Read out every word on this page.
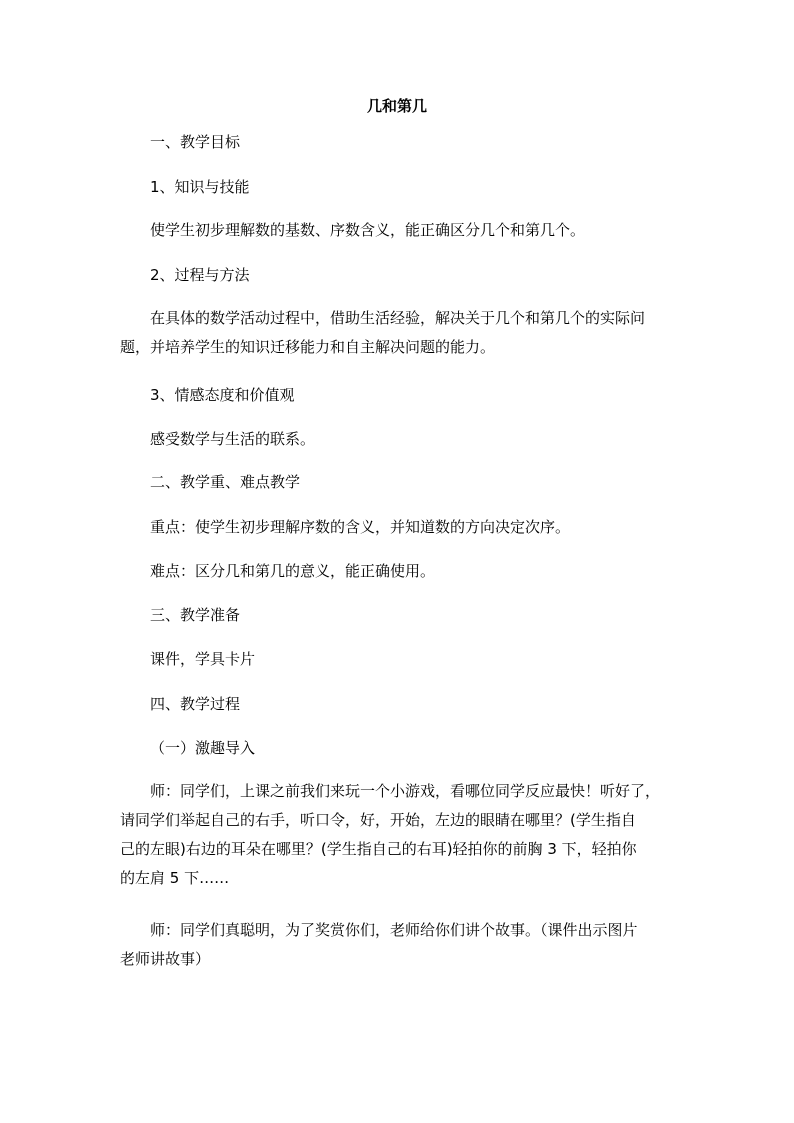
几和第几
一、教学目标
1、知识与技能
使学生初步理解数的基数、序数含义，能正确区分几个和第几个。
2、过程与方法
在具体的数学活动过程中，借助生活经验，解决关于几个和第几个的实际问
题，并培养学生的知识迁移能力和自主解决问题的能力。
3、情感态度和价值观
感受数学与生活的联系。
二、教学重、难点教学
重点：使学生初步理解序数的含义，并知道数的方向决定次序。
难点：区分几和第几的意义，能正确使用。
三、教学准备
课件，学具卡片
四、教学过程
（一）激趣导入
师：同学们，上课之前我们来玩一个小游戏，看哪位同学反应最快！听好了，
请同学们举起自己的右手，听口令，好，开始，左边的眼睛在哪里？(学生指自
己的左眼)右边的耳朵在哪里？(学生指自己的右耳)轻拍你的前胸 3 下，轻拍你
的左肩 5 下……
师：同学们真聪明，为了奖赏你们，老师给你们讲个故事。（课件出示图片
老师讲故事）
